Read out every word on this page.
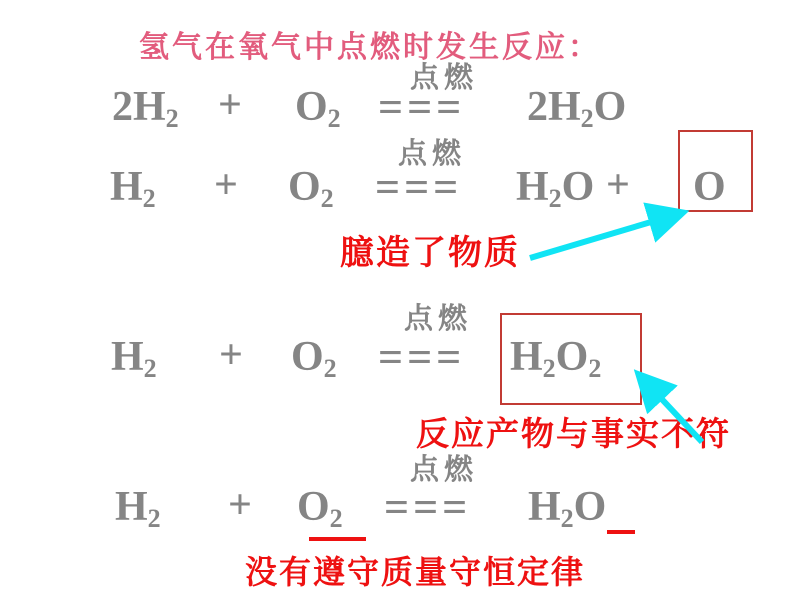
氢气在氧气中点燃时发生反应：
$2H_2 + O_2$ ===
点燃
$2H_2O$
$H_2 + O_2$ ===
点燃
$H_2O + O$
臆造了物质
$H_2 + O_2$ ===
点燃
$H_2O_2$
反应产物与事实不符
$H_2 + O_2$ ===
点燃
$H_2O$
没有遵守质量守恒定律
